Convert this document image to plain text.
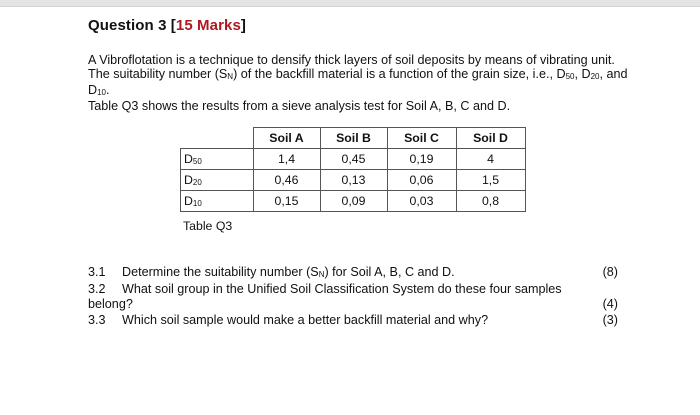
Question 3 [15 Marks]

A Vibroflotation is a technique to densify thick layers of soil deposits by means of vibrating unit. The suitability number $(S_N)$ of the backfill material is a function of the grain size, i.e., $D_{50}$, $D_{20}$, and $D_{10}$.

Table Q3 shows the results from a sieve analysis test for Soil A, B, C and D.

	Soil A	Soil B	Soil C	Soil D
$D_{50}$	1,4	0,45	0,19	4
$D_{20}$	0,46	0,13	0,06	1,5
$D_{10}$	0,15	0,09	0,03	0,8
Table Q3
3.1 Determine the suitability number $(S_N)$ for Soil A, B, C and D.	(8)
3.2 What soil group in the Unified Soil Classification System do these four samples
belong?	(4)
3.3 Which soil sample would make a better backfill material and why?	(3)
